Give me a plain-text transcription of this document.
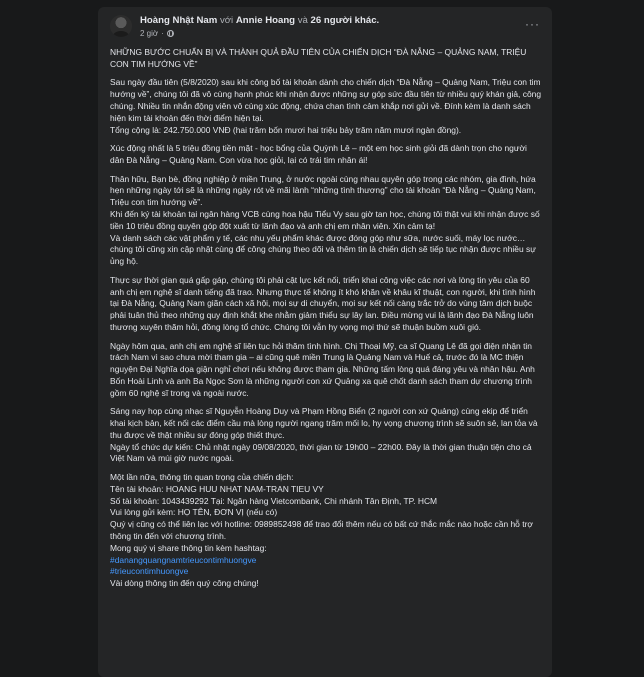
Hoàng Nhật Nam với Annie Hoang và 26 người khác.
2 giờ ·
···

NHỮNG BƯỚC CHUẨN BỊ VÀ THÀNH QUẢ ĐẦU TIÊN CỦA CHIẾN DỊCH “ĐÀ NẴNG – QUẢNG NAM, TRIỆU CON TIM HƯỚNG VỀ”

Sau ngày đầu tiên (5/8/2020) sau khi công bố tài khoản dành cho chiến dịch “Đà Nẵng – Quảng Nam, Triệu con tim hướng về”, chúng tôi đã vô cùng hạnh phúc khi nhận được những sự góp sức đầu tiên từ nhiều quý khán giả, công chúng. Nhiều tin nhắn động viên vô cùng xúc động, chứa chan tình cảm khắp nơi gửi về. Đính kèm là danh sách hiện kim tài khoản đến thời điểm hiện tại.
Tổng cộng là: 242.750.000 VNĐ (hai trăm bốn mươi hai triệu bảy trăm năm mươi ngàn đồng).

Xúc động nhất là 5 triệu đồng tiền mặt - học bổng của Quỳnh Lê – một em học sinh giỏi đã dành trọn cho người dân Đà Nẵng – Quảng Nam. Con vừa học giỏi, lại có trái tim nhân ái!

Thân hữu, Bạn bè, đồng nghiệp ở miền Trung, ở nước ngoài cùng nhau quyên góp trong các nhóm, gia đình, hứa hẹn những ngày tới sẽ là những ngày rót về mãi lành “những tình thương” cho tài khoản “Đà Nẵng – Quảng Nam, Triệu con tim hướng về”.
Khi đến ký tài khoản tại ngân hàng VCB cùng hoa hậu Tiểu Vy sau giờ tan học, chúng tôi thật vui khi nhận được số tiền 10 triệu đồng quyên góp đột xuất từ lãnh đạo và anh chị em nhân viên. Xin cảm tạ!
Và danh sách các vật phẩm y tế, các nhu yếu phẩm khác được đóng góp như sữa, nước suối, máy lọc nước…chúng tôi cũng xin cập nhật cùng để công chúng theo dõi và thêm tin là chiến dịch sẽ tiếp tục nhận được nhiều sự ủng hộ.

Thực sự thời gian quá gấp gáp, chúng tôi phải cật lực kết nối, triển khai công việc các nơi và lòng tin yêu của 60 anh chị em nghệ sĩ danh tiếng đã trao. Nhưng thực tế không ít khó khăn về khâu kĩ thuật, con người, khi tình hình tại Đà Nẵng, Quảng Nam giãn cách xã hội, mọi sự di chuyển, mọi sự kết nối càng trắc trở do vùng tâm dịch buộc phải tuân thủ theo những quy định khắt khe nhằm giảm thiểu sự lây lan. Điều mừng vui là lãnh đạo Đà Nẵng luôn thương xuyên thăm hỏi, đồng lòng tổ chức. Chúng tôi vẫn hy vọng mọi thứ sẽ thuận buồm xuôi gió.

Ngày hôm qua, anh chị em nghệ sĩ liên tục hỏi thăm tình hình. Chị Thoại Mỹ, ca sĩ Quang Lê đã gọi điện nhận tin trách Nam vì sao chưa mời tham gia – ai cũng quê miền Trung là Quảng Nam và Huế cả, trước đó là MC thiện nguyện Đại Nghĩa dọa giận nghỉ chơi nếu không được tham gia. Những tấm lòng quá đáng yêu và nhân hậu. Anh Bốn Hoài Linh và anh Ba Ngọc Sơn là những người con xứ Quảng xa quê chốt danh sách tham dự chương trình gồm 60 nghệ sĩ trong và ngoài nước.

Sáng nay họp cùng nhạc sĩ Nguyễn Hoàng Duy và Phạm Hồng Biển (2 người con xứ Quảng) cùng ekip để triển khai kịch bản, kết nối các điểm cầu mà lòng người ngang trăm mối lo, hy vọng chương trình sẽ suôn sẻ, lan tỏa và thu được về thật nhiều sự đóng góp thiết thực.
Ngày tổ chức dự kiến: Chủ nhật ngày 09/08/2020, thời gian từ 19h00 – 22h00. Đây là thời gian thuận tiện cho cả Việt Nam và múi giờ nước ngoài.

Một lần nữa, thông tin quan trọng của chiến dịch:
Tên tài khoản: HOANG HUU NHAT NAM-TRAN TIEU VY
Số tài khoản: 1043439292 Tại: Ngân hàng Vietcombank, Chi nhánh Tân Định, TP. HCM
Vui lòng gửi kèm: HỌ TÊN, ĐƠN VỊ (nếu có)
Quý vị cũng có thể liên lạc với hotline: 0989852498 để trao đổi thêm nếu có bất cứ thắc mắc nào hoặc cần hỗ trợ thông tin đến với chương trình.
Mong quý vị share thông tin kèm hashtag:

#danangquangnamtrieucontimhuongve
#trieucontimhuongve

Vài dòng thông tin đến quý công chúng!
